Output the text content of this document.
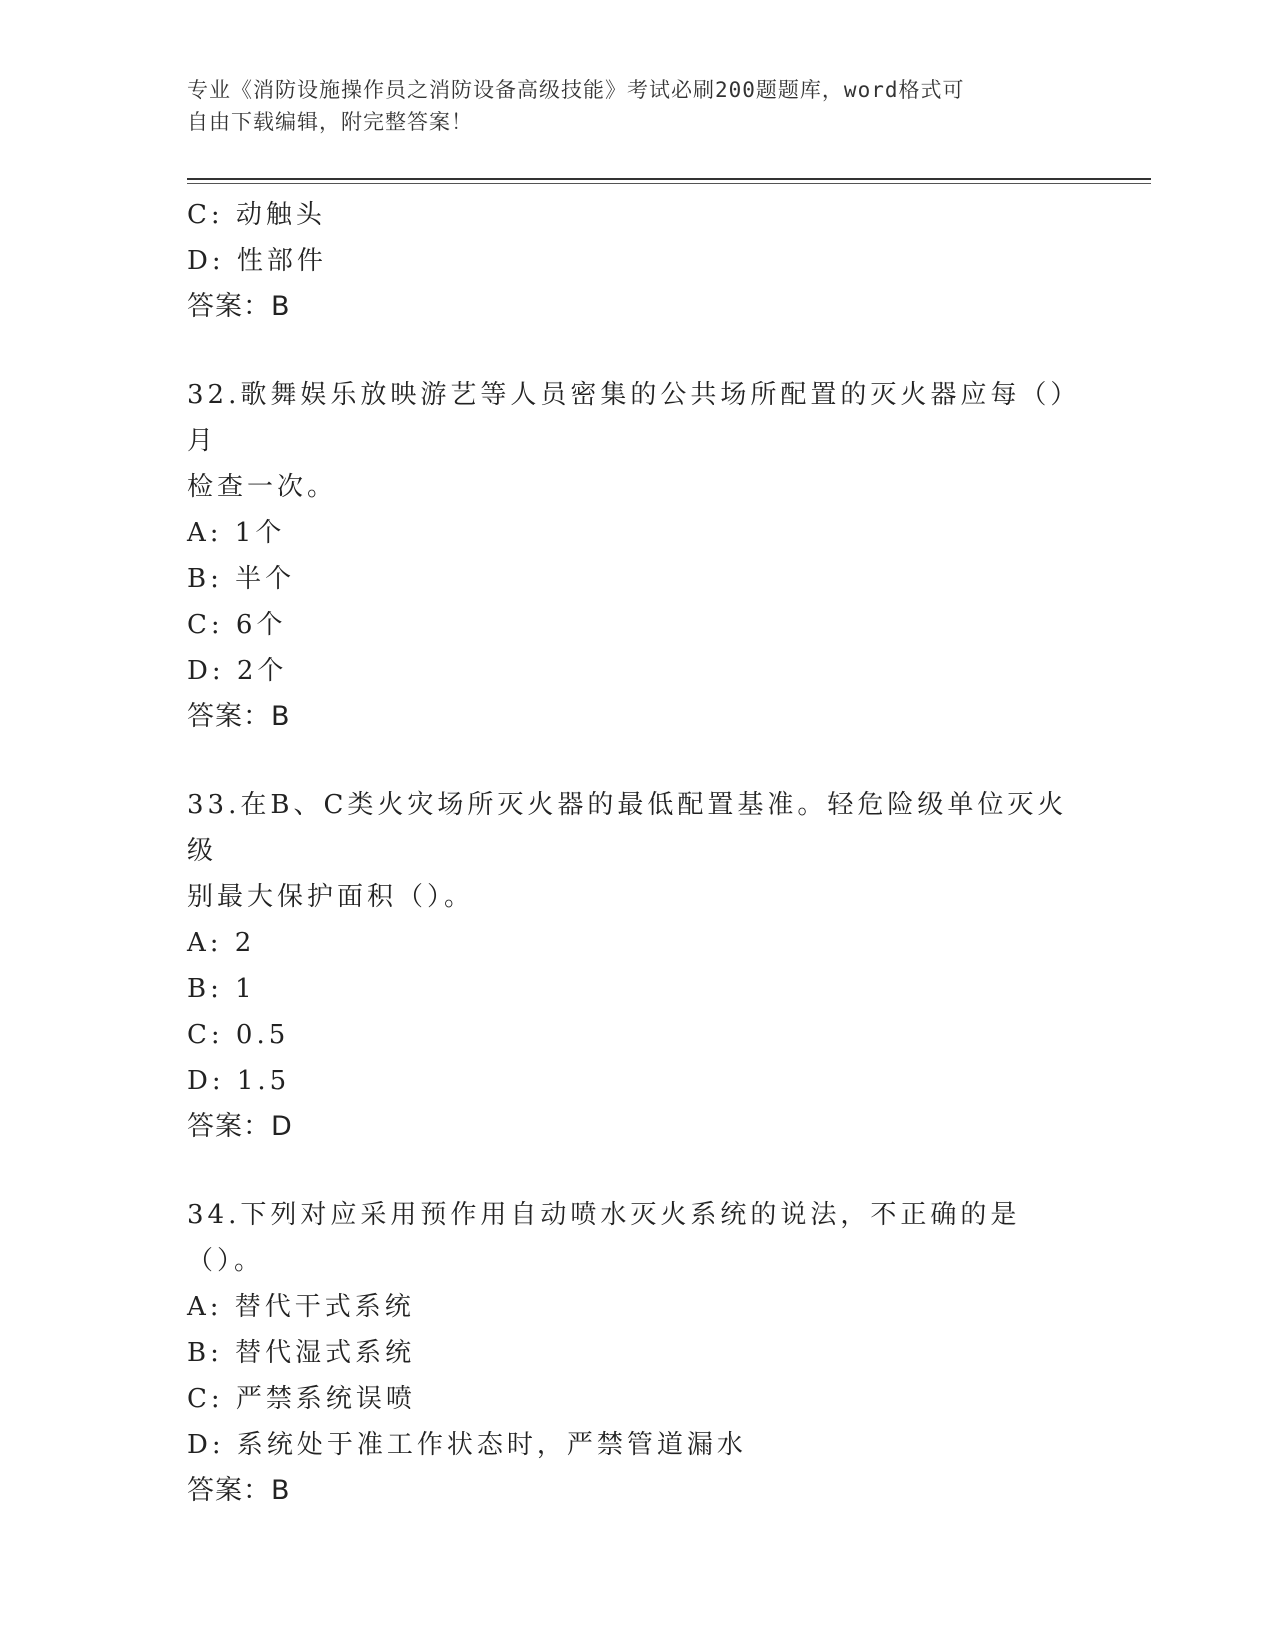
专业《消防设施操作员之消防设备高级技能》考试必刷200题题库，word格式可
自由下载编辑，附完整答案！
C: 动触头
D: 性部件
答案：B
32.歌舞娱乐放映游艺等人员密集的公共场所配置的灭火器应每（）月
检查一次。
A: 1个
B: 半个
C: 6个
D: 2个
答案：B
33.在B、C类火灾场所灭火器的最低配置基准。轻危险级单位灭火级
别最大保护面积（）。
A: 2
B: 1
C: 0.5
D: 1.5
答案：D
34.下列对应采用预作用自动喷水灭火系统的说法，不正确的是（）。
A: 替代干式系统
B: 替代湿式系统
C: 严禁系统误喷
D: 系统处于准工作状态时，严禁管道漏水
答案：B
